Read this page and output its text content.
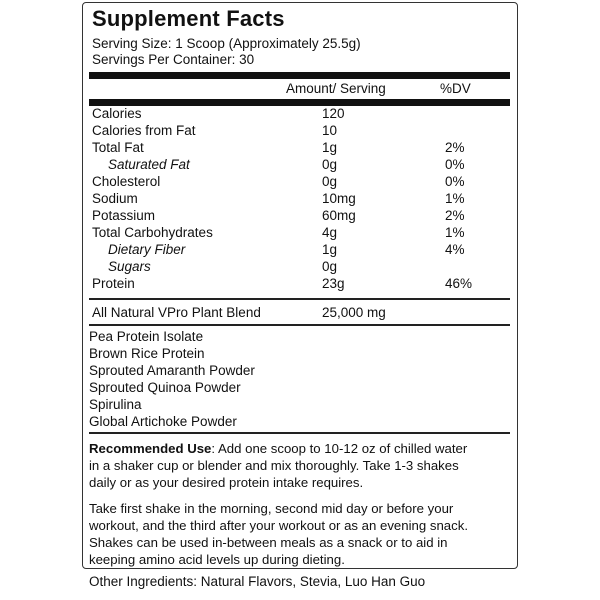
Supplement Facts
Serving Size: 1 Scoop (Approximately 25.5g)
Servings Per Container: 30
Amount/ Serving	%DV
Calories	120
Calories from Fat	10
Total Fat	1g	2%
Saturated Fat	0g	0%
Cholesterol	0g	0%
Sodium	10mg	1%
Potassium	60mg	2%
Total Carbohydrates	4g	1%
Dietary Fiber	1g	4%
Sugars	0g
Protein	23g	46%
All Natural VPro Plant Blend	25,000 mg
Pea Protein Isolate
Brown Rice Protein
Sprouted Amaranth Powder
Sprouted Quinoa Powder
Spirulina
Global Artichoke Powder
Recommended Use: Add one scoop to 10-12 oz of chilled water
in a shaker cup or blender and mix thoroughly. Take 1-3 shakes
daily or as your desired protein intake requires.
Take first shake in the morning, second mid day or before your
workout, and the third after your workout or as an evening snack.
Shakes can be used in-between meals as a snack or to aid in
keeping amino acid levels up during dieting.
Other Ingredients: Natural Flavors, Stevia, Luo Han Guo
